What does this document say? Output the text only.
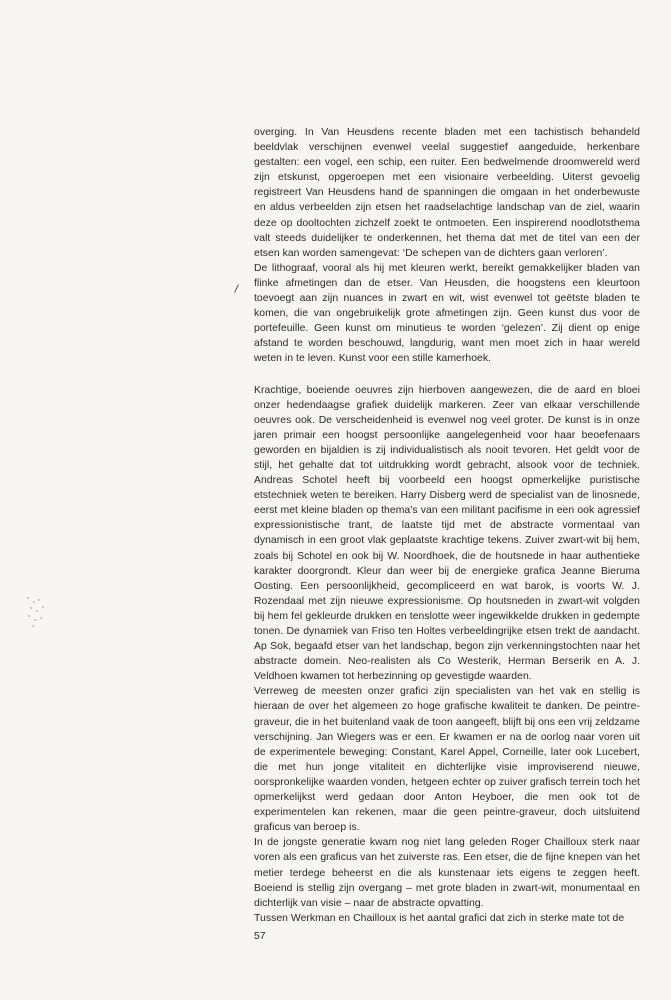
overging. In Van Heusdens recente bladen met een tachistisch behandeld beeldvlak verschijnen evenwel veelal suggestief aangeduide, herkenbare gestalten: een vogel, een schip, een ruiter. Een bedwelmende droomwereld werd zijn etskunst, opgeroepen met een visionaire verbeelding. Uiterst gevoelig registreert Van Heusdens hand de spanningen die omgaan in het onderbewuste en aldus verbeelden zijn etsen het raadselachtige landschap van de ziel, waarin deze op dooltochten zichzelf zoekt te ontmoeten. Een inspirerend noodlotsthema valt steeds duidelijker te onderkennen, het thema dat met de titel van een der etsen kan worden samengevat: ‘De schepen van de dichters gaan verloren’.

De lithograaf, vooral als hij met kleuren werkt, bereikt gemakkelijker bladen van flinke afmetingen dan de etser. Van Heusden, die hoogstens een kleurtoon toevoegt aan zijn nuances in zwart en wit, wist evenwel tot geëtste bladen te komen, die van ongebruikelijk grote afmetingen zijn. Geen kunst dus voor de portefeuille. Geen kunst om minutieus te worden ‘gelezen’. Zij dient op enige afstand te worden beschouwd, langdurig, want men moet zich in haar wereld weten in te leven. Kunst voor een stille kamerhoek.

Krachtige, boeiende oeuvres zijn hierboven aangewezen, die de aard en bloei onzer hedendaagse grafiek duidelijk markeren. Zeer van elkaar verschillende oeuvres ook. De verscheidenheid is evenwel nog veel groter. De kunst is in onze jaren primair een hoogst persoonlijke aangelegenheid voor haar beoefenaars geworden en bijaldien is zij individualistisch als nooit tevoren. Het geldt voor de stijl, het gehalte dat tot uitdrukking wordt gebracht, alsook voor de techniek. Andreas Schotel heeft bij voorbeeld een hoogst opmerkelijke puristische etstechniek weten te bereiken. Harry Disberg werd de specialist van de linosnede, eerst met kleine bladen op thema’s van een militant pacifisme in een ook agressief expressionistische trant, de laatste tijd met de abstracte vormentaal van dynamisch in een groot vlak geplaatste krachtige tekens. Zuiver zwart-wit bij hem, zoals bij Schotel en ook bij W. Noordhoek, die de houtsnede in haar authentieke karakter doorgrondt. Kleur dan weer bij de energieke grafica Jeanne Bieruma Oosting. Een persoonlijkheid, gecompliceerd en wat barok, is voorts W. J. Rozendaal met zijn nieuwe expressionisme. Op houtsneden in zwart-wit volgden bij hem fel gekleurde drukken en tenslotte weer ingewikkelde drukken in gedempte tonen. De dynamiek van Friso ten Holtes verbeeldingrijke etsen trekt de aandacht. Ap Sok, begaafd etser van het landschap, begon zijn verkenningstochten naar het abstracte domein. Neo-realisten als Co Westerik, Herman Berserik en A. J. Veldhoen kwamen tot herbezinning op gevestigde waarden.

Verreweg de meesten onzer grafici zijn specialisten van het vak en stellig is hieraan de over het algemeen zo hoge grafische kwaliteit te danken. De peintre-graveur, die in het buitenland vaak de toon aangeeft, blijft bij ons een vrij zeldzame verschijning. Jan Wiegers was er een. Er kwamen er na de oorlog naar voren uit de experimentele beweging: Constant, Karel Appel, Corneille, later ook Lucebert, die met hun jonge vitaliteit en dichterlijke visie improviserend nieuwe, oorspronkelijke waarden vonden, hetgeen echter op zuiver grafisch terrein toch het opmerkelijkst werd gedaan door Anton Heyboer, die men ook tot de experimentelen kan rekenen, maar die geen peintre-graveur, doch uitsluitend graficus van beroep is.

In de jongste generatie kwam nog niet lang geleden Roger Chailloux sterk naar voren als een graficus van het zuiverste ras. Een etser, die de fijne knepen van het metier terdege beheerst en die als kunstenaar iets eigens te zeggen heeft. Boeiend is stellig zijn overgang – met grote bladen in zwart-wit, monumentaal en dichterlijk van visie – naar de abstracte opvatting.

Tussen Werkman en Chailloux is het aantal grafici dat zich in sterke mate tot de

57
